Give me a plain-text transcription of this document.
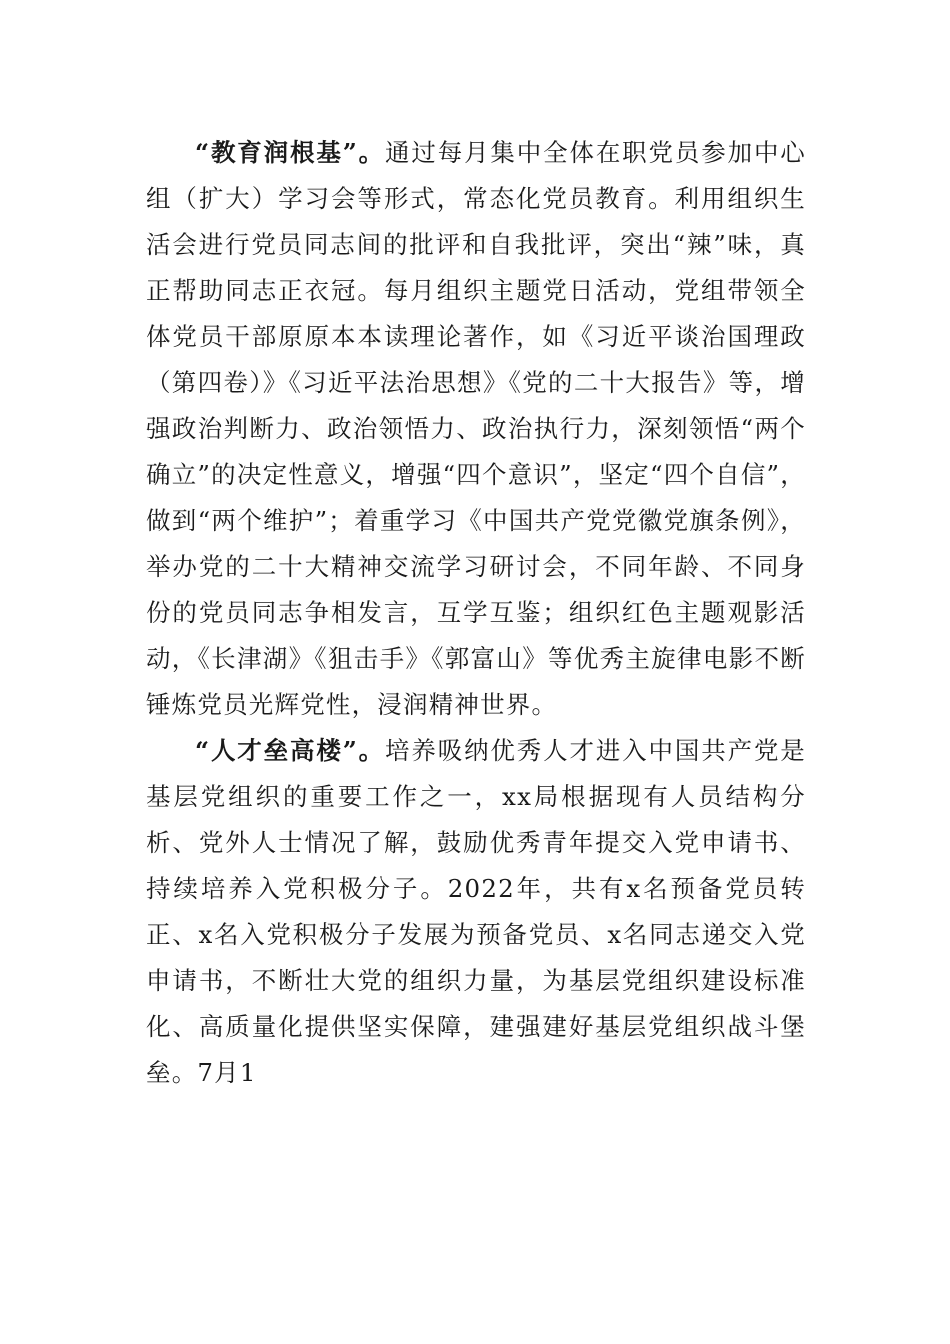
“教育润根基”。通过每月集中全体在职党员参加中心组（扩大）学习会等形式，常态化党员教育。利用组织生活会进行党员同志间的批评和自我批评，突出“辣”味，真正帮助同志正衣冠。每月组织主题党日活动，党组带领全体党员干部原原本本读理论著作，如《习近平谈治国理政（第四卷）》《习近平法治思想》《党的二十大报告》等，增强政治判断力、政治领悟力、政治执行力，深刻领悟“两个确立”的决定性意义，增强“四个意识”，坚定“四个自信”，做到“两个维护”；着重学习《中国共产党党徽党旗条例》，举办党的二十大精神交流学习研讨会，不同年龄、不同身份的党员同志争相发言，互学互鉴；组织红色主题观影活动，《长津湖》《狙击手》《郭富山》等优秀主旋律电影不断锤炼党员光辉党性，浸润精神世界。

“人才垒高楼”。培养吸纳优秀人才进入中国共产党是基层党组织的重要工作之一，xx局根据现有人员结构分析、党外人士情况了解，鼓励优秀青年提交入党申请书、持续培养入党积极分子。2022年，共有x名预备党员转正、x名入党积极分子发展为预备党员、x名同志递交入党申请书，不断壮大党的组织力量，为基层党组织建设标准化、高质量化提供坚实保障，建强建好基层党组织战斗堡垒。7月1
